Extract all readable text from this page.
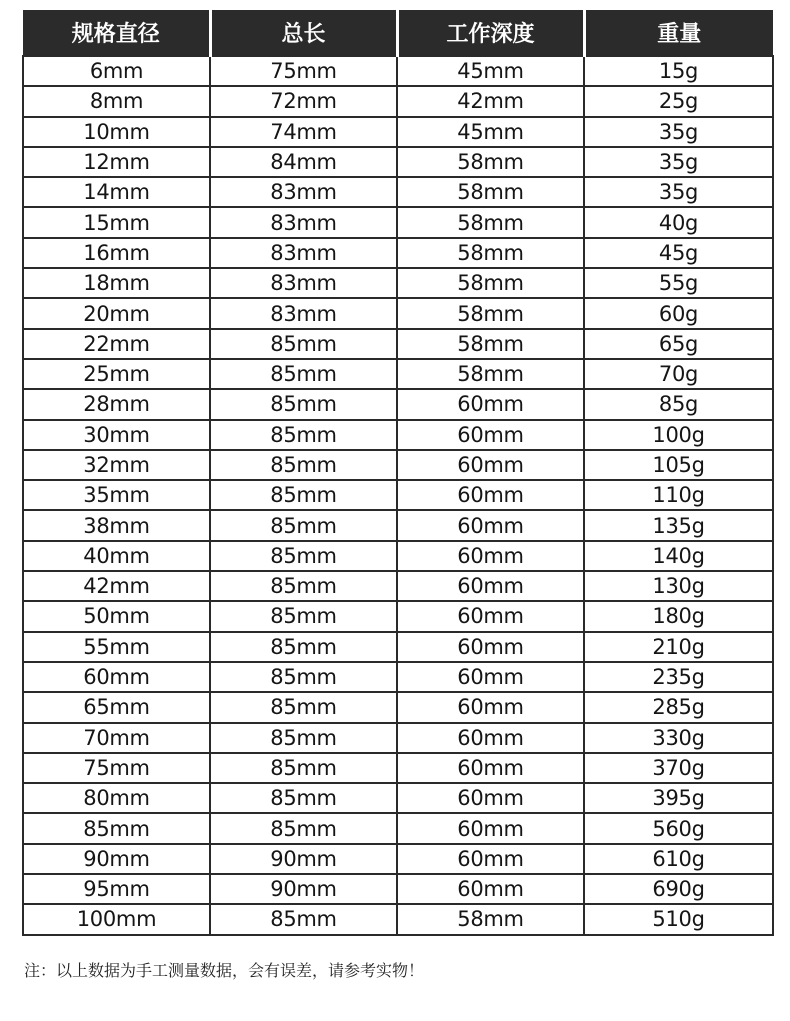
规格直径	总长	工作深度	重量
6mm	75mm	45mm	15g
8mm	72mm	42mm	25g
10mm	74mm	45mm	35g
12mm	84mm	58mm	35g
14mm	83mm	58mm	35g
15mm	83mm	58mm	40g
16mm	83mm	58mm	45g
18mm	83mm	58mm	55g
20mm	83mm	58mm	60g
22mm	85mm	58mm	65g
25mm	85mm	58mm	70g
28mm	85mm	60mm	85g
30mm	85mm	60mm	100g
32mm	85mm	60mm	105g
35mm	85mm	60mm	110g
38mm	85mm	60mm	135g
40mm	85mm	60mm	140g
42mm	85mm	60mm	130g
50mm	85mm	60mm	180g
55mm	85mm	60mm	210g
60mm	85mm	60mm	235g
65mm	85mm	60mm	285g
70mm	85mm	60mm	330g
75mm	85mm	60mm	370g
80mm	85mm	60mm	395g
85mm	85mm	60mm	560g
90mm	90mm	60mm	610g
95mm	90mm	60mm	690g
100mm	85mm	58mm	510g
注：以上数据为手工测量数据，会有误差，请参考实物！
